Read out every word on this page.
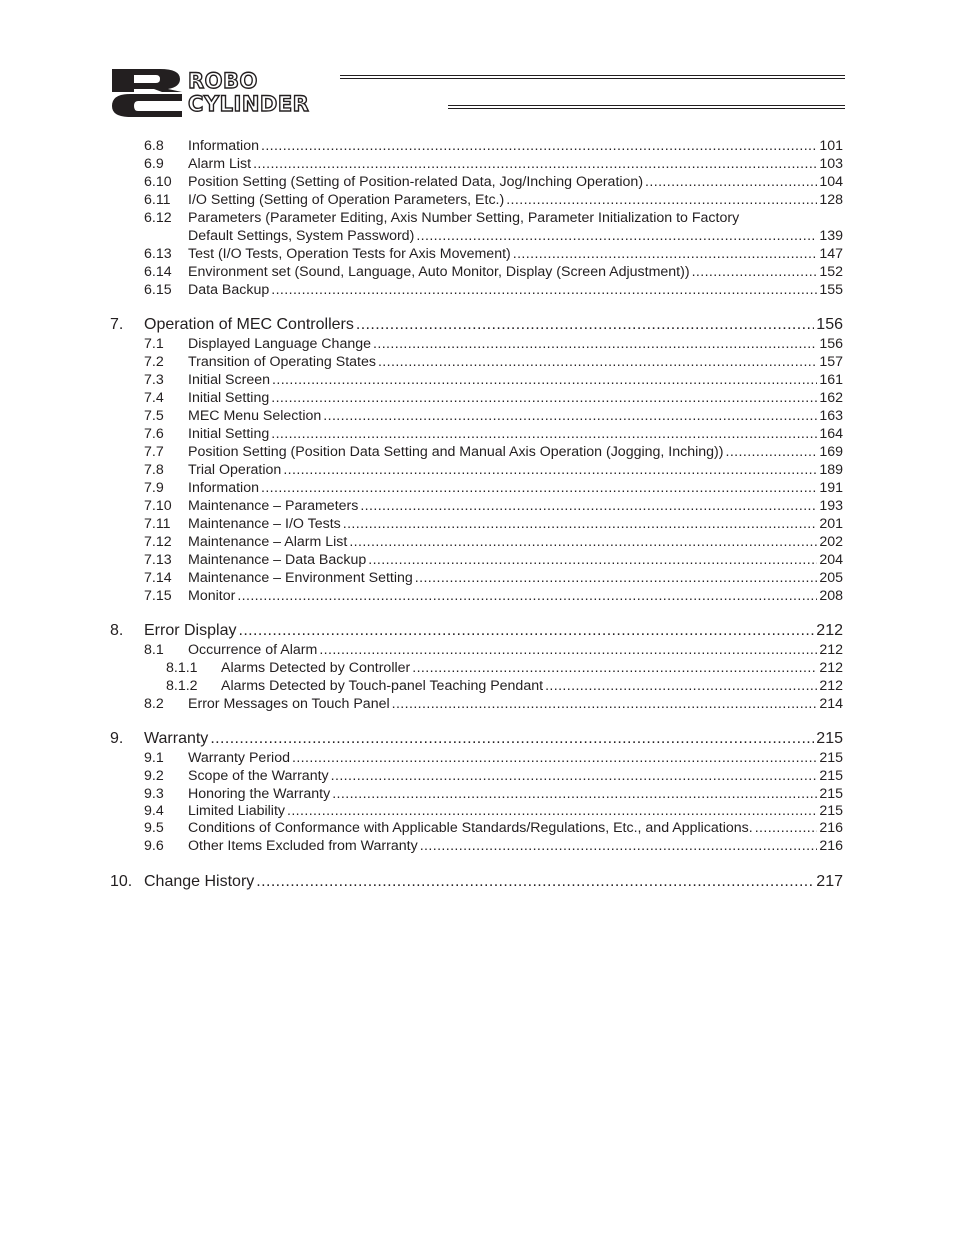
ROBO
CYLINDER
6.8	Information .....	101
6.9	Alarm List .....	103
6.10	Position Setting (Setting of Position-related Data, Jog/Inching Operation) .....	104
6.11	I/O Setting (Setting of Operation Parameters, Etc.) .....	128
6.12	Parameters (Parameter Editing, Axis Number Setting, Parameter Initialization to Factory
Default Settings, System Password) .....	139
6.13	Test (I/O Tests, Operation Tests for Axis Movement) .....	147
6.14	Environment set (Sound, Language, Auto Monitor, Display (Screen Adjustment)) .....	152
6.15	Data Backup .....	155
7.	Operation of MEC Controllers .....	156
7.1	Displayed Language Change .....	156
7.2	Transition of Operating States .....	157
7.3	Initial Screen .....	161
7.4	Initial Setting .....	162
7.5	MEC Menu Selection .....	163
7.6	Initial Setting .....	164
7.7	Position Setting (Position Data Setting and Manual Axis Operation (Jogging, Inching)) .....	169
7.8	Trial Operation .....	189
7.9	Information .....	191
7.10	Maintenance – Parameters .....	193
7.11	Maintenance – I/O Tests .....	201
7.12	Maintenance – Alarm List .....	202
7.13	Maintenance – Data Backup .....	204
7.14	Maintenance – Environment Setting .....	205
7.15	Monitor .....	208
8.	Error Display .....	212
8.1	Occurrence of Alarm .....	212
8.1.1	Alarms Detected by Controller .....	212
8.1.2	Alarms Detected by Touch-panel Teaching Pendant .....	212
8.2	Error Messages on Touch Panel .....	214
9.	Warranty .....	215
9.1	Warranty Period .....	215
9.2	Scope of the Warranty .....	215
9.3	Honoring the Warranty .....	215
9.4	Limited Liability .....	215
9.5	Conditions of Conformance with Applicable Standards/Regulations, Etc., and Applications. .....	216
9.6	Other Items Excluded from Warranty .....	216
10. Change History .....	217
